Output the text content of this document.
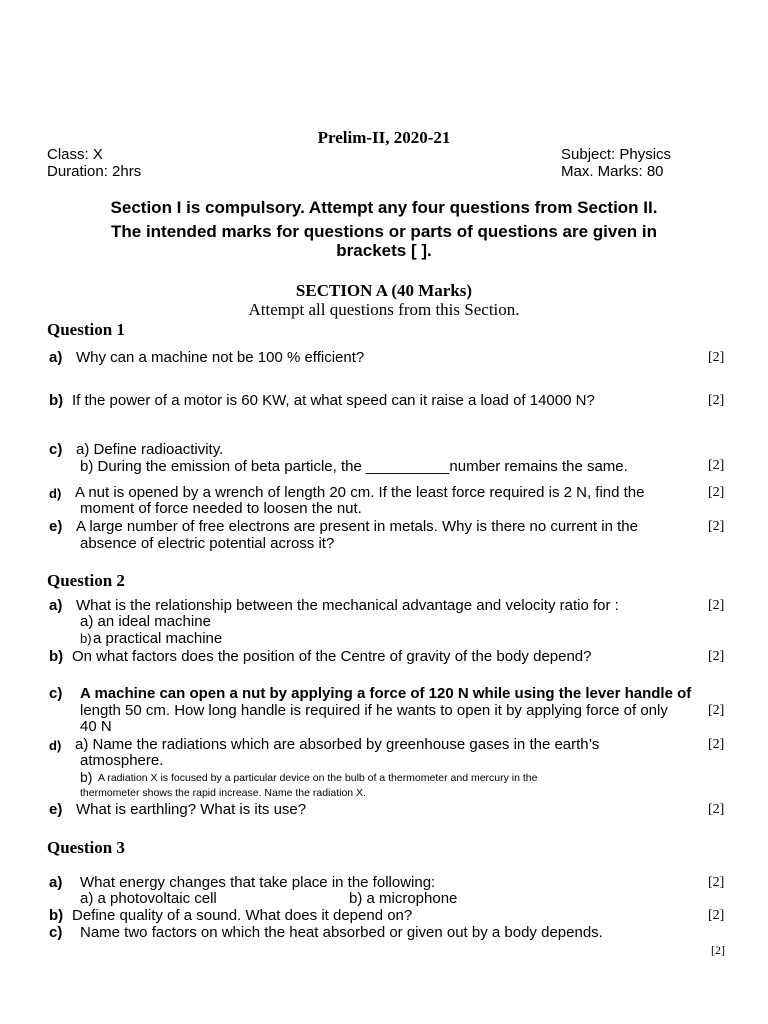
Prelim-II, 2020-21
Class: X	Subject: Physics
Duration: 2hrs	Max. Marks: 80
Section I is compulsory. Attempt any four questions from Section II.
The intended marks for questions or parts of questions are given in
brackets [ ].
SECTION A (40 Marks)
Attempt all questions from this Section.
Question 1
a) Why can a machine not be 100 % efficient?	[2]
b) If the power of a motor is 60 KW, at what speed can it raise a load of 14000 N?	[2]
c) a) Define radioactivity.
b) During the emission of beta particle, the __________number remains the same.	[2]
d) A nut is opened by a wrench of length 20 cm. If the least force required is 2 N, find the
moment of force needed to loosen the nut.
[2]
e) A large number of free electrons are present in metals. Why is there no current in the
absence of electric potential across it?
[2]
Question 2
a) What is the relationship between the mechanical advantage and velocity ratio for :
a) an ideal machine
b) a practical machine
[2]
b) On what factors does the position of the Centre of gravity of the body depend?	[2]
c) A machine can open a nut by applying a force of 120 N while using the lever handle of
length 50 cm. How long handle is required if he wants to open it by applying force of only
40 N
[2]
d) a) Name the radiations which are absorbed by greenhouse gases in the earth’s
atmosphere.
b) A radiation X is focused by a particular device on the bulb of a thermometer and mercury in the
thermometer shows the rapid increase. Name the radiation X.
[2]
e) What is earthling? What is its use?	[2]
Question 3
a) What energy changes that take place in the following:
a) a photovoltaic cell	b) a microphone
[2]
b) Define quality of a sound. What does it depend on?	[2]
c) Name two factors on which the heat absorbed or given out by a body depends.
[2]
